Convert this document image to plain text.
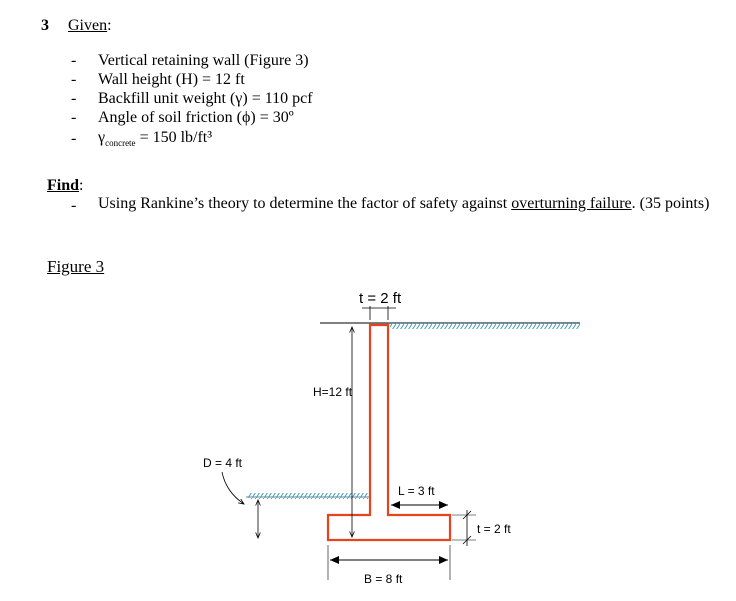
3 Given:
- Vertical retaining wall (Figure 3)
- Wall height (H) = 12 ft
- Backfill unit weight (γ) = 110 pcf
- Angle of soil friction (ϕ) = 30º
- $\gamma_{concrete} = 150$ lb/ft³
Find:
- Using Rankine’s theory to determine the factor of safety against overturning failure. (35 points)
Figure 3
t = 2 ft
H=12 ft
D = 4 ft
L = 3 ft
t = 2 ft
B = 8 ft
